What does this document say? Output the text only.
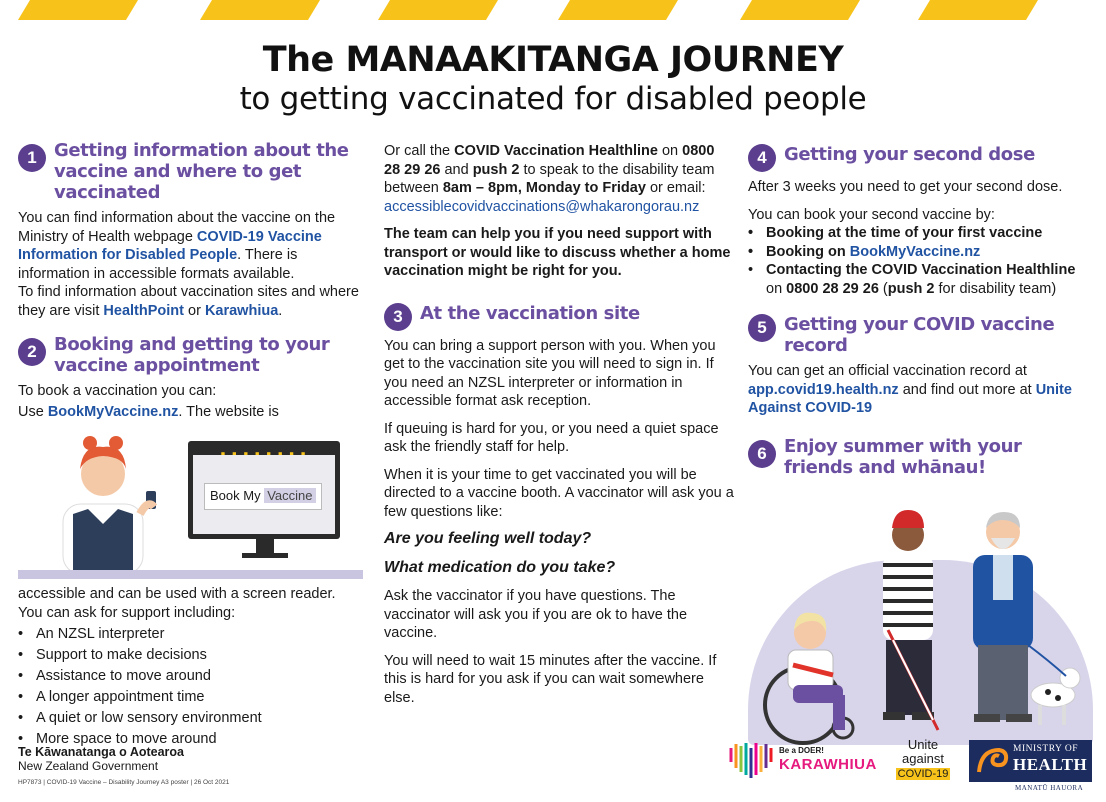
The MANAAKITANGA JOURNEY
to getting vaccinated for disabled people
1 Getting information about the vaccine and where to get vaccinated

You can find information about the vaccine on the Ministry of Health webpage COVID-19 Vaccine Information for Disabled People. There is information in accessible formats available.

To find information about vaccination sites and where they are visit HealthPoint or Karawhiua.

2 Booking and getting to your vaccine appointment

To book a vaccination you can:

Use BookMyVaccine.nz. The website is

Book My Vaccine

accessible and can be used with a screen reader. You can ask for support including:

• An NZSL interpreter
• Support to make decisions
• Assistance to move around
• A longer appointment time
• A quiet or low sensory environment
• More space to move around

Or call the COVID Vaccination Healthline on 0800 28 29 26 and push 2 to speak to the disability team between 8am – 8pm, Monday to Friday or email:
accessiblecovidvaccinations@whakarongorau.nz

The team can help you if you need support with transport or would like to discuss whether a home vaccination might be right for you.

3 At the vaccination site

You can bring a support person with you. When you get to the vaccination site you will need to sign in. If you need an NZSL interpreter or information in accessible format ask reception.

If queuing is hard for you, or you need a quiet space ask the friendly staff for help.

When it is your time to get vaccinated you will be directed to a vaccine booth. A vaccinator will ask you a few questions like:

Are you feeling well today?
What medication do you take?

Ask the vaccinator if you have questions. The vaccinator will ask you if you are ok to have the vaccine.

You will need to wait 15 minutes after the vaccine. If this is hard for you ask if you can wait somewhere else.

4 Getting your second dose

After 3 weeks you need to get your second dose.

You can book your second vaccine by:

• Booking at the time of your first vaccine
• Booking on BookMyVaccine.nz
• Contacting the COVID Vaccination Healthline on 0800 28 29 26 (push 2 for disability team)
5 Getting your COVID vaccine record

You can get an official vaccination record at app.covid19.health.nz and find out more at Unite Against COVID-19

6 Enjoy summer with your friends and whānau!
Te Kāwanatanga o Aotearoa
New Zealand Government
HP7873 | COVID-19 Vaccine – Disability Journey A3 poster | 26 Oct 2021
Be a DOER!
KARAWHIUA
Unite
against
COVID-19
MINISTRY OF
HEALTH
MANATŪ HAUORA
